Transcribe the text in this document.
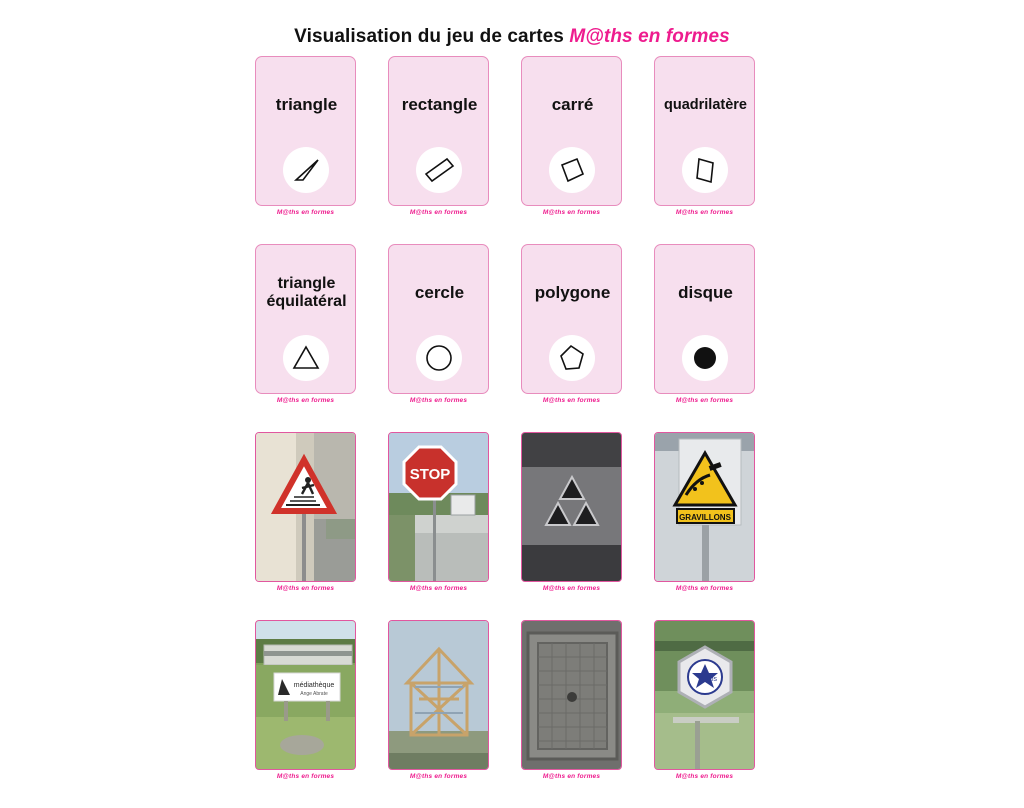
Visualisation du jeu de cartes M@ths en formes
triangle
M@ths en formes
rectangle
M@ths en formes
carré
M@ths en formes
quadrilatère
M@ths en formes
triangle équilatéral
M@ths en formes
cercle
M@ths en formes
polygone
M@ths en formes
disque
M@ths en formes
M@ths en formes
STOP
M@ths en formes	M@ths en formes
GRAVILLONS
M@ths en formes
médiathèque
Ange Abrate
M@ths en formes	M@ths en formes	M@ths en formes
lytis
M@ths en formes
